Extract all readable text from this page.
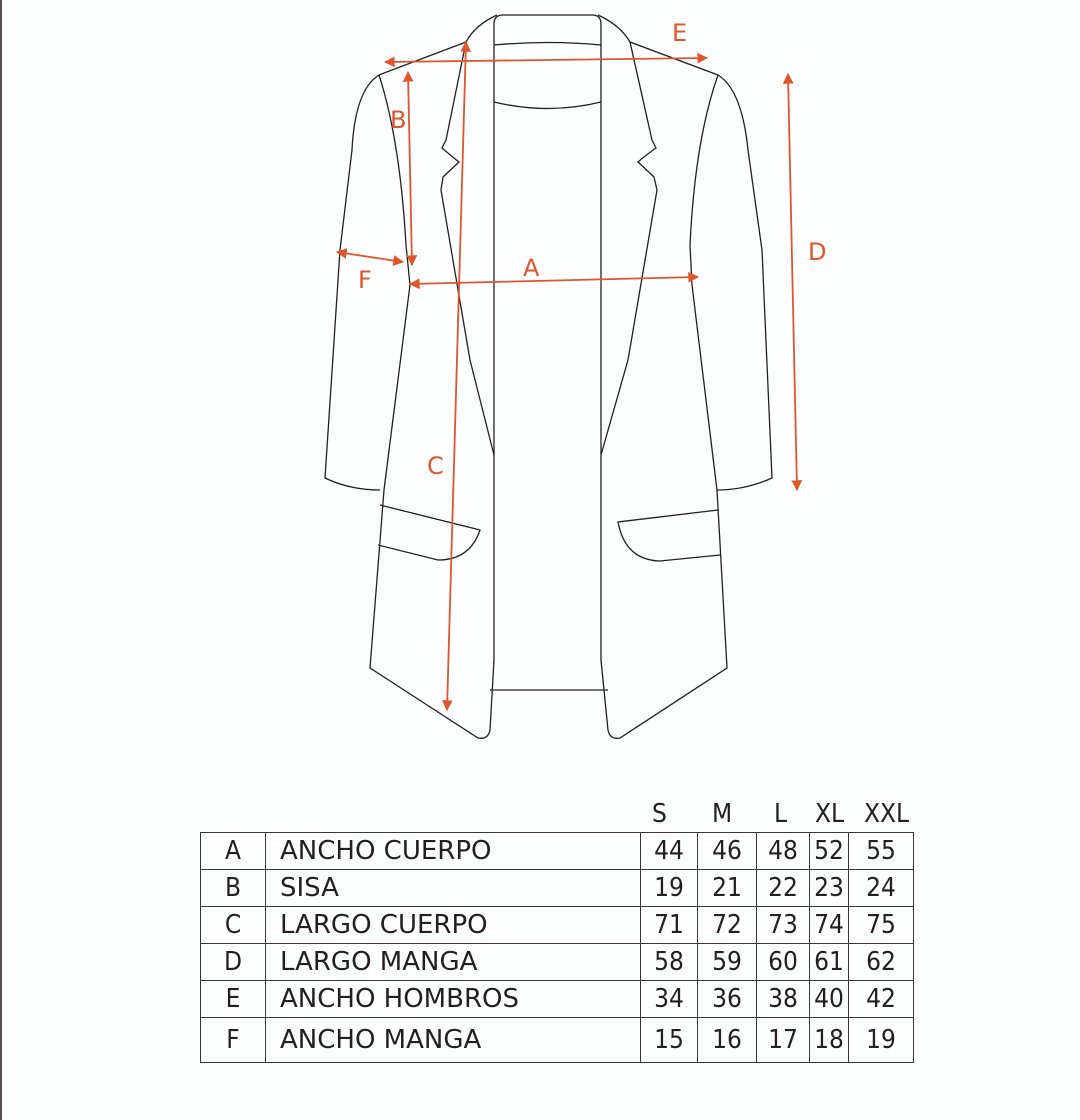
E
B
F	A
C
D
S M L XL XXL
A	ANCHO CUERPO	44	46	48	52	55
B	SISA	19	21	22	23	24
C	LARGO CUERPO	71	72	73	74	75
D	LARGO MANGA	58	59	60	61	62
E	ANCHO HOMBROS	34	36	38	40	42
F	ANCHO MANGA	15	16	17	18	19
